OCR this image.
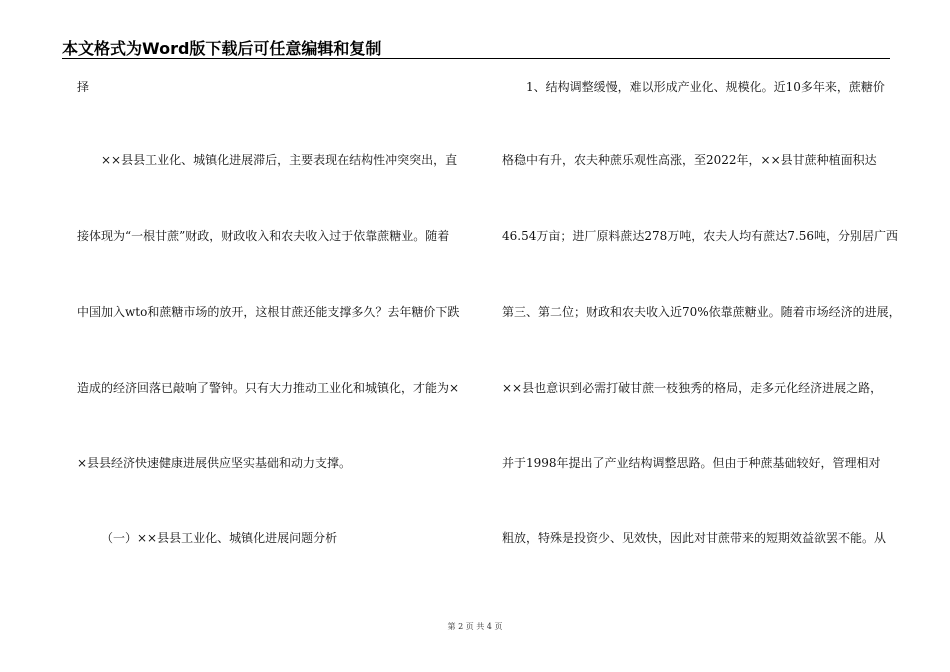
本文格式为Word版下载后可任意编辑和复制
择
××县县工业化、城镇化进展滞后，主要表现在结构性冲突突出，直
接体现为“一根甘蔗”财政，财政收入和农夫收入过于依靠蔗糖业。随着
中国加入wto和蔗糖市场的放开，这根甘蔗还能支撑多久？去年糖价下跌
造成的经济回落已敲响了警钟。只有大力推动工业化和城镇化，才能为×
×县县经济快速健康进展供应坚实基础和动力支撑。
（一）××县县工业化、城镇化进展问题分析
1、结构调整缓慢，难以形成产业化、规模化。近10多年来，蔗糖价
格稳中有升，农夫种蔗乐观性高涨，至2022年，××县甘蔗种植面积达
46.54万亩；进厂原料蔗达278万吨，农夫人均有蔗达7.56吨，分别居广西
第三、第二位；财政和农夫收入近70%依靠蔗糖业。随着市场经济的进展，
××县也意识到必需打破甘蔗一枝独秀的格局，走多元化经济进展之路，
并于1998年提出了产业结构调整思路。但由于种蔗基础较好，管理相对
粗放，特殊是投资少、见效快，因此对甘蔗带来的短期效益欲罢不能。从
第 2 页 共 4 页
